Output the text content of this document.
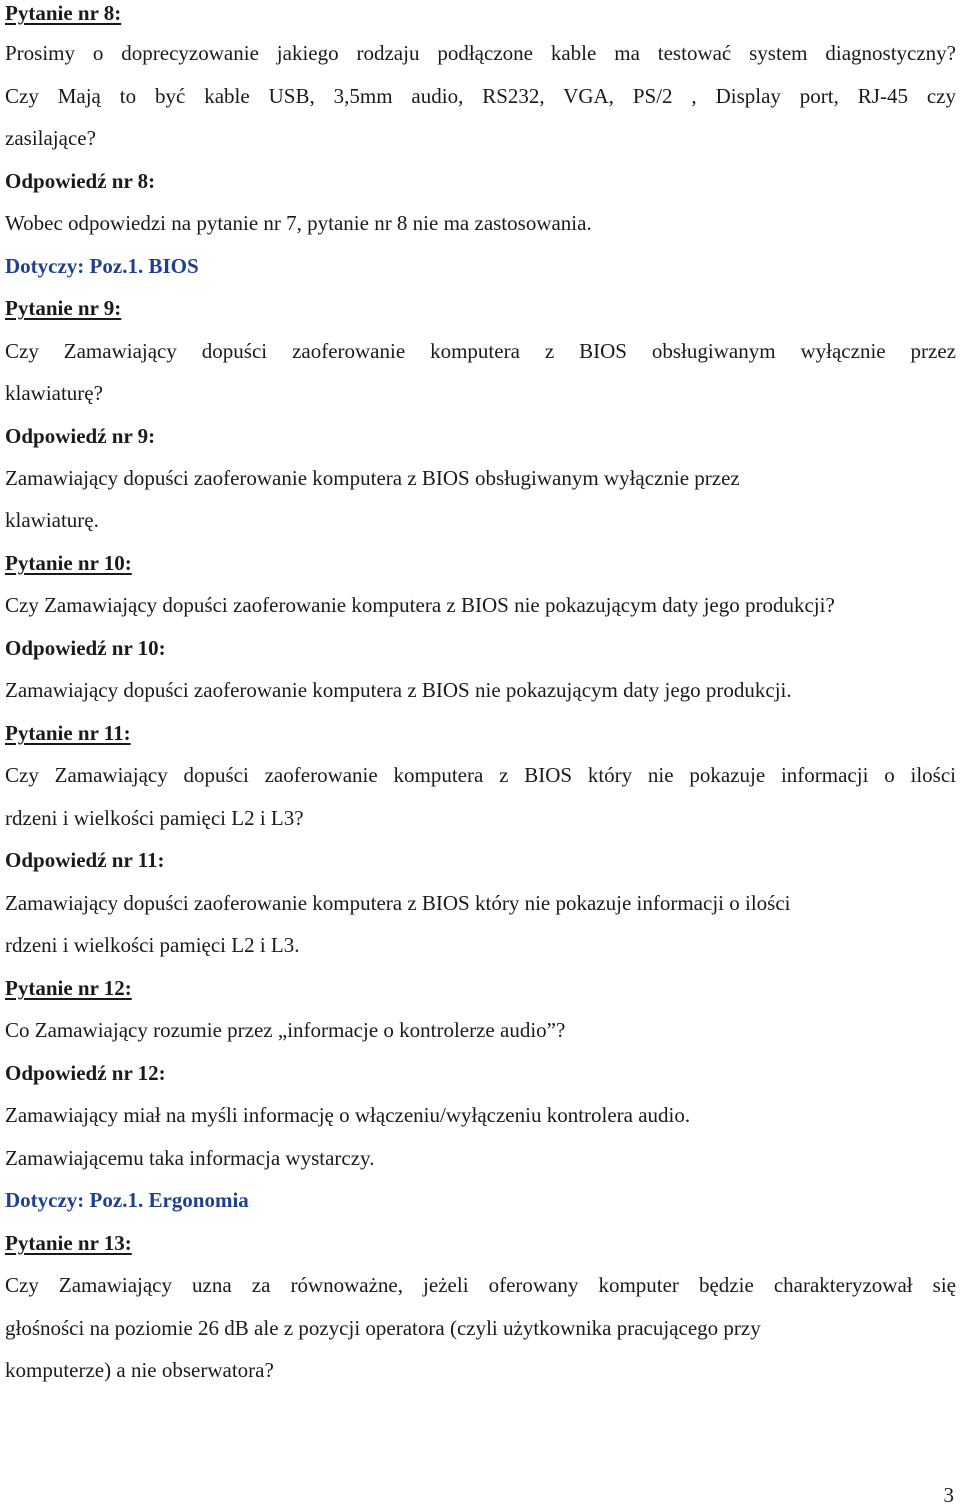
Pytanie nr 8:
Prosimy o doprecyzowanie jakiego rodzaju podłączone kable ma testować system diagnostyczny?
Czy Mają to być kable USB, 3,5mm audio, RS232, VGA, PS/2 , Display port, RJ-45 czy
zasilające?
Odpowiedź nr 8:
Wobec odpowiedzi na pytanie nr 7, pytanie nr 8 nie ma zastosowania.
Dotyczy: Poz.1. BIOS
Pytanie nr 9:
Czy Zamawiający dopuści zaoferowanie komputera z BIOS obsługiwanym wyłącznie przez
klawiaturę?
Odpowiedź nr 9:
Zamawiający dopuści zaoferowanie komputera z BIOS obsługiwanym wyłącznie przez
klawiaturę.
Pytanie nr 10:
Czy Zamawiający dopuści zaoferowanie komputera z BIOS nie pokazującym daty jego produkcji?
Odpowiedź nr 10:
Zamawiający dopuści zaoferowanie komputera z BIOS nie pokazującym daty jego produkcji.
Pytanie nr 11:
Czy Zamawiający dopuści zaoferowanie komputera z BIOS który nie pokazuje informacji o ilości
rdzeni i wielkości pamięci L2 i L3?
Odpowiedź nr 11:
Zamawiający dopuści zaoferowanie komputera z BIOS który nie pokazuje informacji o ilości
rdzeni i wielkości pamięci L2 i L3.
Pytanie nr 12:
Co Zamawiający rozumie przez „informacje o kontrolerze audio”?
Odpowiedź nr 12:
Zamawiający miał na myśli informację o włączeniu/wyłączeniu kontrolera audio.
Zamawiającemu taka informacja wystarczy.
Dotyczy: Poz.1. Ergonomia
Pytanie nr 13:
Czy Zamawiający uzna za równoważne, jeżeli oferowany komputer będzie charakteryzował się
głośności na poziomie 26 dB ale z pozycji operatora (czyli użytkownika pracującego przy
komputerze) a nie obserwatora?
3
